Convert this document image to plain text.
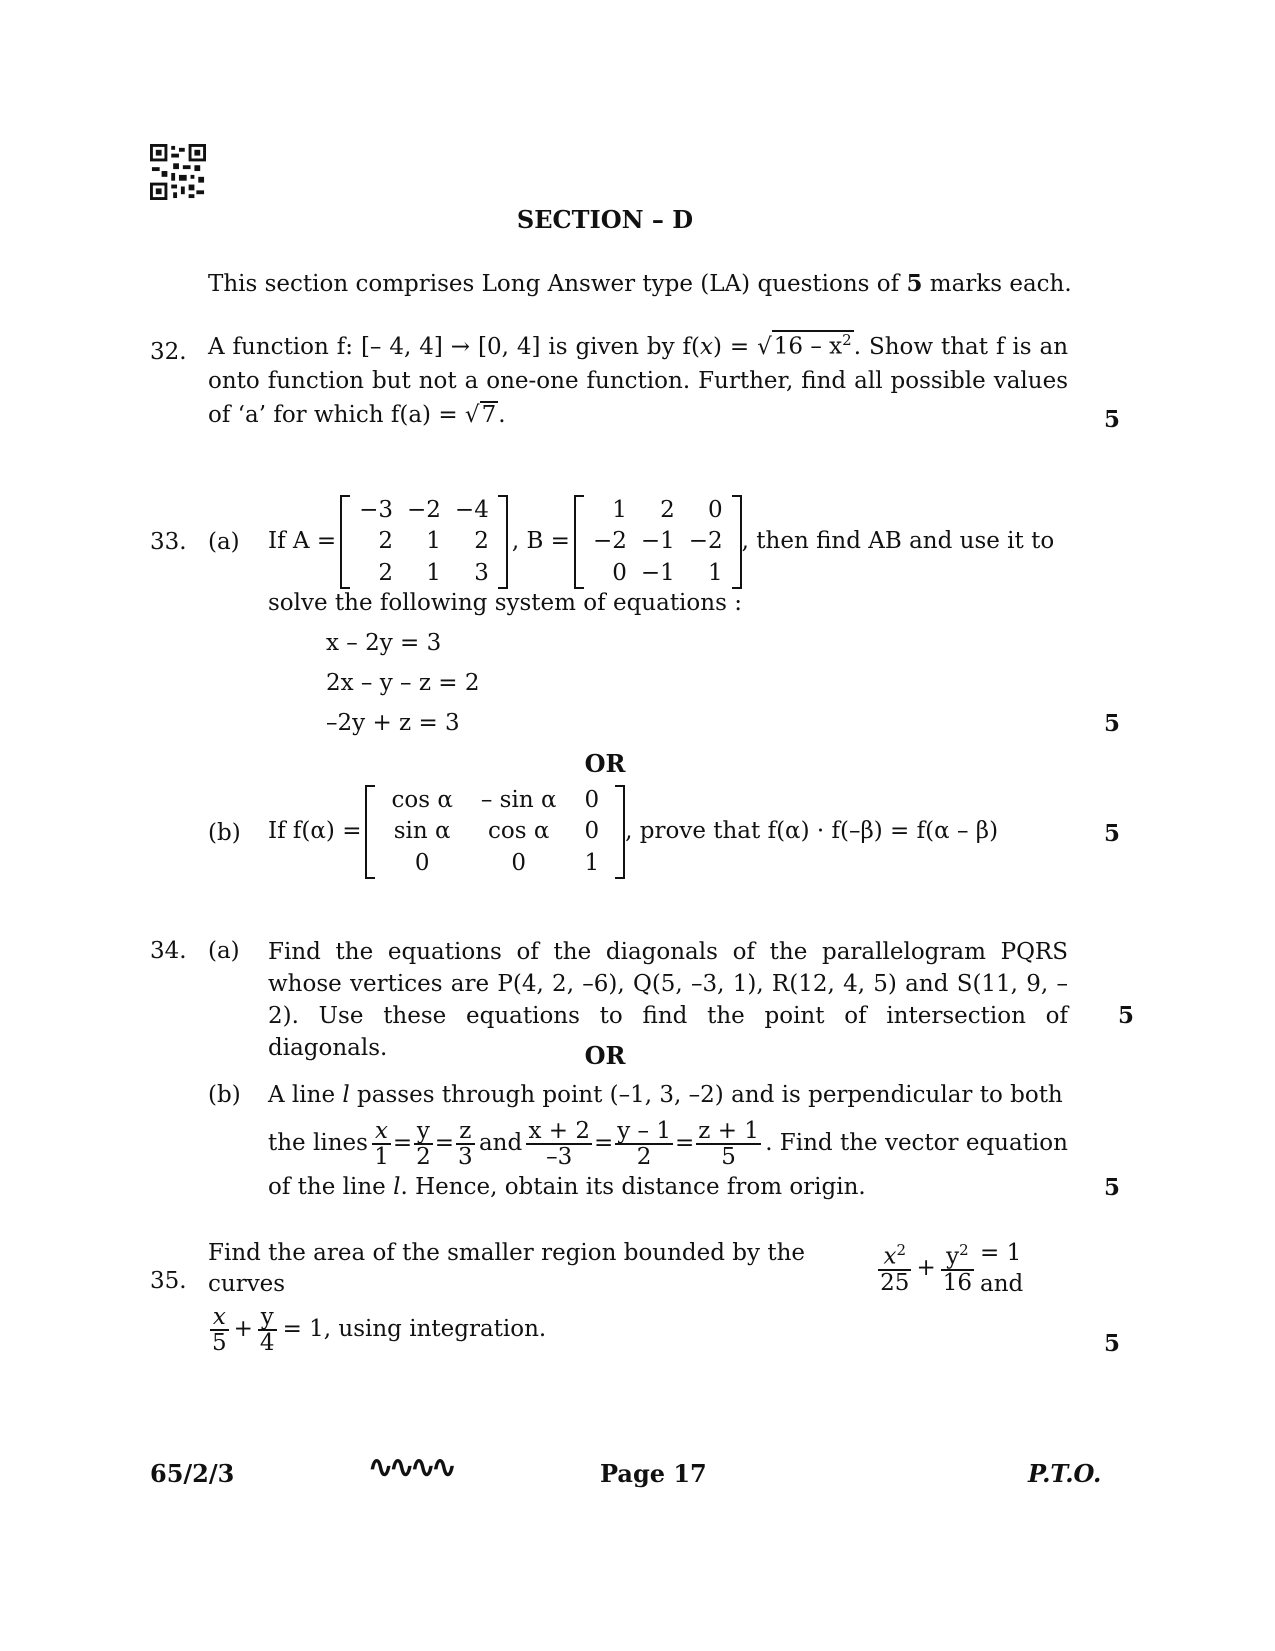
SECTION – D
This section comprises Long Answer type (LA) questions of 5 marks each.
32. A function f: [– 4, 4] → [0, 4] is given by $f(x) = √16 - x^2$. Show that f is an onto function but not a one-one function. Further, find all possible values of ‘a’ for which f(a) = √7.	5
33. (a) If A =
−3	−2	−4
2	1	2
2	1	3
, B =
1	2	0
−2	−1	−2
0	−1	1
, then find AB and use it to
solve the following system of equations :
x – 2y = 3
2x – y – z = 2
–2y + z = 3	5
OR
(b) If f(α) =
cos α	– sin α	0
sin α	cos α	0
0	0	1
, prove that f(α) · f(–β) = f(α – β)	5
34. (a) Find the equations of the diagonals of the parallelogram PQRS whose vertices are P(4, 2, –6), Q(5, –3, 1), R(12, 4, 5) and S(11, 9, –2). Use these equations to find the point of intersection of diagonals.
5
OR
(b) A line l passes through point (–1, 3, –2) and is perpendicular to both
the lines $\frac{x}{1} = \frac{y}{2} = \frac{z}{3}$ and $\frac{x + 2}{-3} = \frac{y - 1}{2} = \frac{z + 1}{5}$ . Find the vector equation
of the line l. Hence, obtain its distance from origin.	5
35.
Find the area of the smaller region bounded by the curves	$\frac{x^2}{25} + \frac{y^2}{16} = 1$ and
$\frac{x}{5} + \frac{y}{4} = 1$, using integration.
5
65/2/3	∿∿∿∿	Page 17	P.T.O.
